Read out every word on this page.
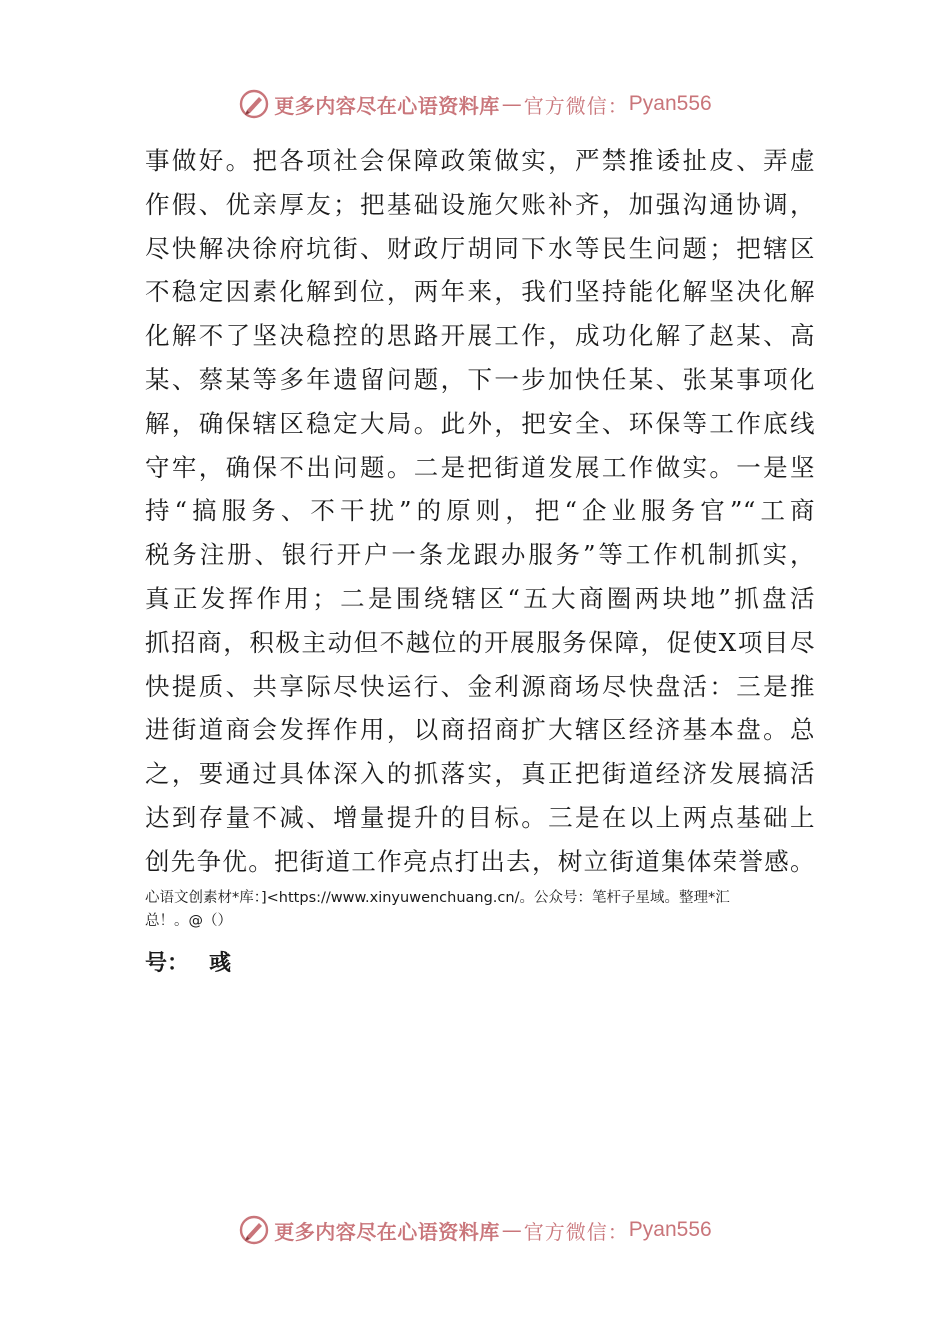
更多内容尽在心语资料库 — 官方微信： Pyan556
事做好。把各项社会保障政策做实，严禁推诿扯皮、弄虚
作假、优亲厚友；把基础设施欠账补齐，加强沟通协调，
尽快解决徐府坑街、财政厅胡同下水等民生问题；把辖区
不稳定因素化解到位，两年来，我们坚持能化解坚决化解
化解不了坚决稳控的思路开展工作，成功化解了赵某、高
某、蔡某等多年遗留问题，下一步加快任某、张某事项化
解，确保辖区稳定大局。此外，把安全、环保等工作底线
守牢，确保不出问题。二是把街道发展工作做实。一是坚
持“搞服务、不干扰”的原则，把“企业服务官”“工商
税务注册、银行开户一条龙跟办服务”等工作机制抓实，
真正发挥作用；二是围绕辖区“五大商圈两块地”抓盘活
抓招商，积极主动但不越位的开展服务保障，促使X项目尽
快提质、共享际尽快运行、金利源商场尽快盘活：三是推
进街道商会发挥作用，以商招商扩大辖区经济基本盘。总
之，要通过具体深入的抓落实，真正把街道经济发展搞活
达到存量不减、增量提升的目标。三是在以上两点基础上
创先争优。把街道工作亮点打出去，树立街道集体荣誉感。
心语文创素材*库：]<https://www.xinyuwenchuang.cn/。公众号：笔杆子星域。整理*汇
总！。@（）
号： 彧
更多内容尽在心语资料库 — 官方微信： Pyan556
